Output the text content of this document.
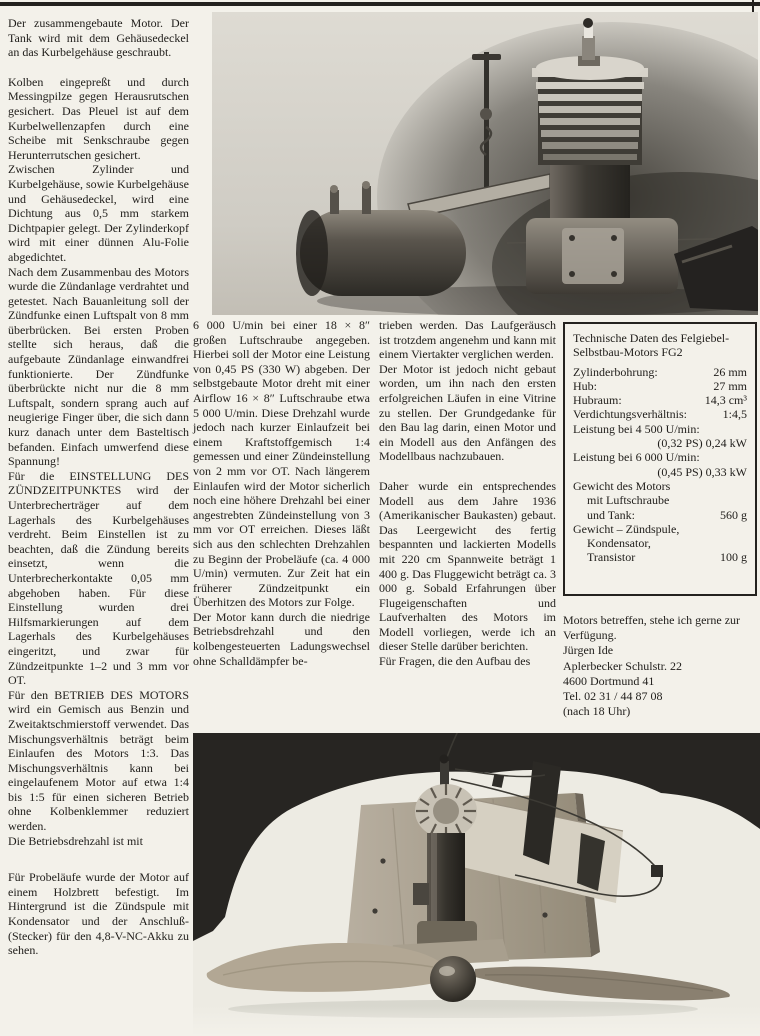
Der zusammengebaute Motor. Der Tank wird mit dem Gehäusedeckel an das Kurbelgehäuse geschraubt.

Kolben eingepreßt und durch Messingpilze gegen Herausrutschen gesichert. Das Pleuel ist auf dem Kurbelwellenzapfen durch eine Scheibe mit Senkschraube gegen Herunterrutschen gesichert.

Zwischen Zylinder und Kurbelgehäuse, sowie Kurbelgehäuse und Gehäusedeckel, wird eine Dichtung aus 0,5 mm starkem Dichtpapier gelegt. Der Zylinderkopf wird mit einer dünnen Alu-Folie abgedichtet.

Nach dem Zusammenbau des Motors wurde die Zündanlage verdrahtet und getestet. Nach Bauanleitung soll der Zündfunke einen Luftspalt von 8 mm überbrücken. Bei ersten Proben stellte sich heraus, daß die aufgebaute Zündanlage einwandfrei funktionierte. Der Zündfunke überbrückte nicht nur die 8 mm Luftspalt, sondern sprang auch auf neugierige Finger über, die sich dann kurz danach unter dem Basteltisch befanden. Einfach umwerfend diese Spannung!

Für die EINSTELLUNG DES ZÜNDZEITPUNKTES wird der Unterbrecherträger auf dem Lagerhals des Kurbelgehäuses verdreht. Beim Einstellen ist zu beachten, daß die Zündung bereits einsetzt, wenn die Unterbrecherkontakte 0,05 mm abgehoben haben. Für diese Einstellung wurden drei Hilfsmarkierungen auf dem Lagerhals des Kurbelgehäuses eingeritzt, und zwar für Zündzeitpunkte 1–2 und 3 mm vor OT.

Für den BETRIEB DES MOTORS wird ein Gemisch aus Benzin und Zweitaktschmierstoff verwendet. Das Mischungsverhältnis beträgt beim Einlaufen des Motors 1:3. Das Mischungsverhältnis kann bei eingelaufenem Motor auf etwa 1:4 bis 1:5 für einen sicheren Betrieb ohne Kolbenklemmer reduziert werden.

Die Betriebsdrehzahl ist mit

Für Probeläufe wurde der Motor auf einem Holzbrett befestigt. Im Hintergrund ist die Zündspule mit Kondensator und der Anschluß-(Stecker) für den 4,8-V-NC-Akku zu sehen.

6 000 U/min bei einer 18 × 8″ großen Luftschraube angegeben. Hierbei soll der Motor eine Leistung von 0,45 PS (330 W) abgeben. Der selbstgebaute Motor dreht mit einer Airflow 16 × 8″ Luftschraube etwa 5 000 U/min. Diese Drehzahl wurde jedoch nach kurzer Einlaufzeit bei einem Kraftstoffgemisch 1:4 gemessen und einer Zündeinstellung von 2 mm vor OT. Nach längerem Einlaufen wird der Motor sicherlich noch eine höhere Drehzahl bei einer angestrebten Zündeinstellung von 3 mm vor OT erreichen. Dieses läßt sich aus den schlechten Drehzahlen zu Beginn der Probeläufe (ca. 4 000 U/min) vermuten. Zur Zeit hat ein früherer Zündzeitpunkt ein Überhitzen des Motors zur Folge.

Der Motor kann durch die niedrige Betriebsdrehzahl und den kolbengesteuerten Ladungswechsel ohne Schalldämpfer be-

trieben werden. Das Laufgeräusch ist trotzdem angenehm und kann mit einem Viertakter verglichen werden.

Der Motor ist jedoch nicht gebaut worden, um ihn nach den ersten erfolgreichen Läufen in eine Vitrine zu stellen. Der Grundgedanke für den Bau lag darin, einen Motor und ein Modell aus den Anfängen des Modellbaus nachzubauen.

Daher wurde ein entsprechendes Modell aus dem Jahre 1936 (Amerikanischer Baukasten) gebaut. Das Leergewicht des fertig bespannten und lackierten Modells mit 220 cm Spannweite beträgt 1 400 g. Das Fluggewicht beträgt ca. 3 000 g. Sobald Erfahrungen über Flugeigenschaften und Laufverhalten des Motors im Modell vorliegen, werde ich an dieser Stelle darüber berichten.

Für Fragen, die den Aufbau des

Technische Daten des Felgiebel-Selbstbau-Motors FG2
Zylinderbohrung:	26 mm
Hub:	27 mm
Hubraum:	14,3 cm³
Verdichtungsverhältnis:	1:4,5
Leistung bei 4 500 U/min:
(0,32 PS) 0,24 kW
Leistung bei 6 000 U/min:
(0,45 PS) 0,33 kW
Gewicht des Motors
mit Luftschraube
und Tank:	560 g
Gewicht – Zündspule,
Kondensator,
Transistor	100 g

Motors betreffen, stehe ich gerne zur Verfügung.

Jürgen Ide

Aplerbecker Schulstr. 22

4600 Dortmund 41

Tel. 02 31 / 44 87 08

(nach 18 Uhr)
